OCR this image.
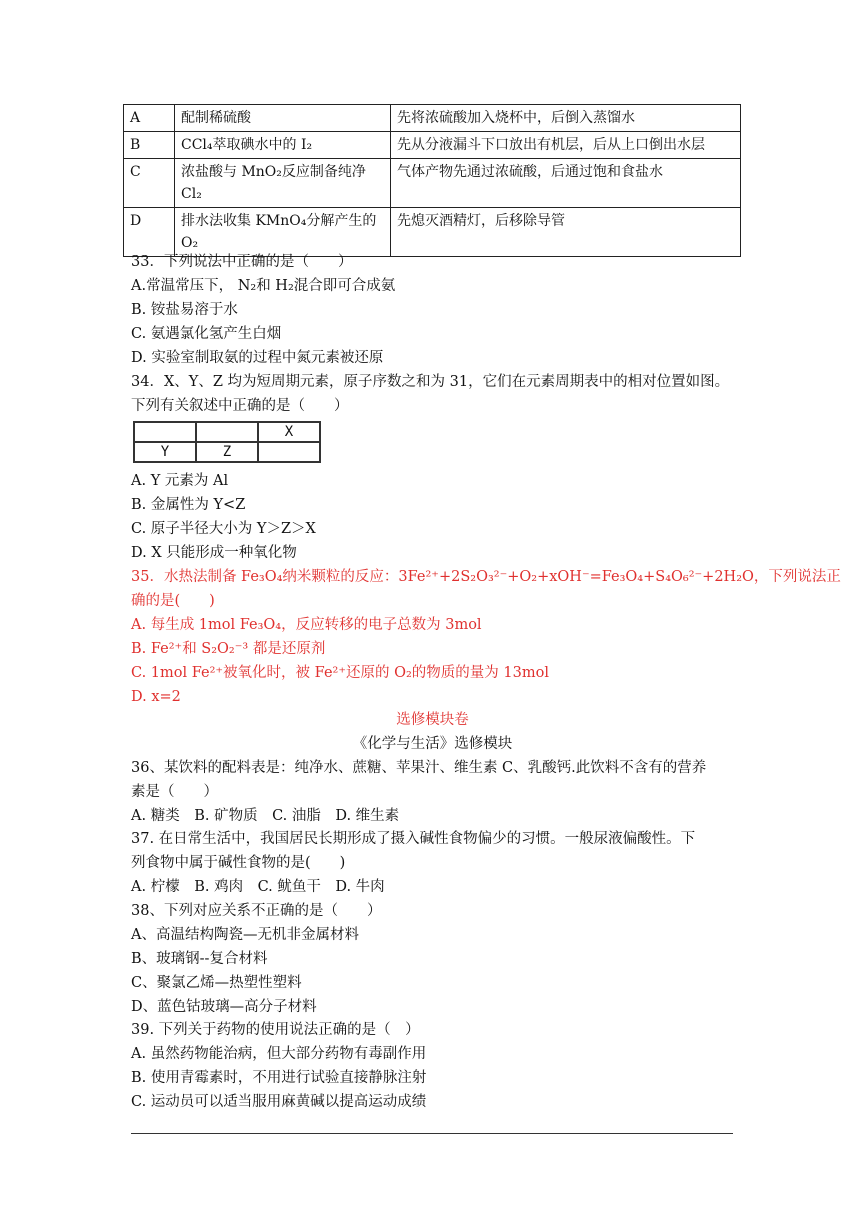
A	配制稀硫酸	先将浓硫酸加入烧杯中，后倒入蒸馏水
B	CCl₄萃取碘水中的 I₂	先从分液漏斗下口放出有机层，后从上口倒出水层
C	浓盐酸与 MnO₂反应制备纯净 Cl₂	气体产物先通过浓硫酸，后通过饱和食盐水
D	排水法收集 KMnO₄分解产生的 O₂	先熄灭酒精灯，后移除导管
33．下列说法中正确的是（　　）
A.常温常压下， N₂和 H₂混合即可合成氨
B. 铵盐易溶于水
C. 氨遇氯化氢产生白烟
D. 实验室制取氨的过程中氮元素被还原
34．X、Y、Z 均为短周期元素，原子序数之和为 31，它们在元素周期表中的相对位置如图。
下列有关叙述中正确的是（　　）
		X
Y	Z	
A. Y 元素为 Al
B. 金属性为 Y<Z
C. 原子半径大小为 Y＞Z＞X
D. X 只能形成一种氧化物
35．水热法制备 Fe₃O₄纳米颗粒的反应：3Fe²⁺+2S₂O₃²⁻+O₂+xOH⁻=Fe₃O₄+S₄O₆²⁻+2H₂O，下列说法正
确的是(　　)
A. 每生成 1mol Fe₃O₄，反应转移的电子总数为 3mol
B. Fe²⁺和 S₂O₂⁻³ 都是还原剂
C. 1mol Fe²⁺被氧化时，被 Fe²⁺还原的 O₂的物质的量为 13mol
D. x=2
选修模块卷
《化学与生活》选修模块
36、某饮料的配料表是：纯净水、蔗糖、苹果汁、维生素 C、乳酸钙.此饮料不含有的营养
素是（　　）
A. 糖类　B. 矿物质　C. 油脂　D. 维生素
37. 在日常生活中，我国居民长期形成了摄入碱性食物偏少的习惯。一般尿液偏酸性。下
列食物中属于碱性食物的是(　　)
A. 柠檬　B. 鸡肉　C. 鱿鱼干　D. 牛肉
38、下列对应关系不正确的是（　　）
A、高温结构陶瓷—无机非金属材料
B、玻璃钢--复合材料
C、聚氯乙烯—热塑性塑料
D、蓝色钴玻璃—高分子材料
39. 下列关于药物的使用说法正确的是（　）
A. 虽然药物能治病，但大部分药物有毒副作用
B. 使用青霉素时，不用进行试验直接静脉注射
C. 运动员可以适当服用麻黄碱以提高运动成绩
